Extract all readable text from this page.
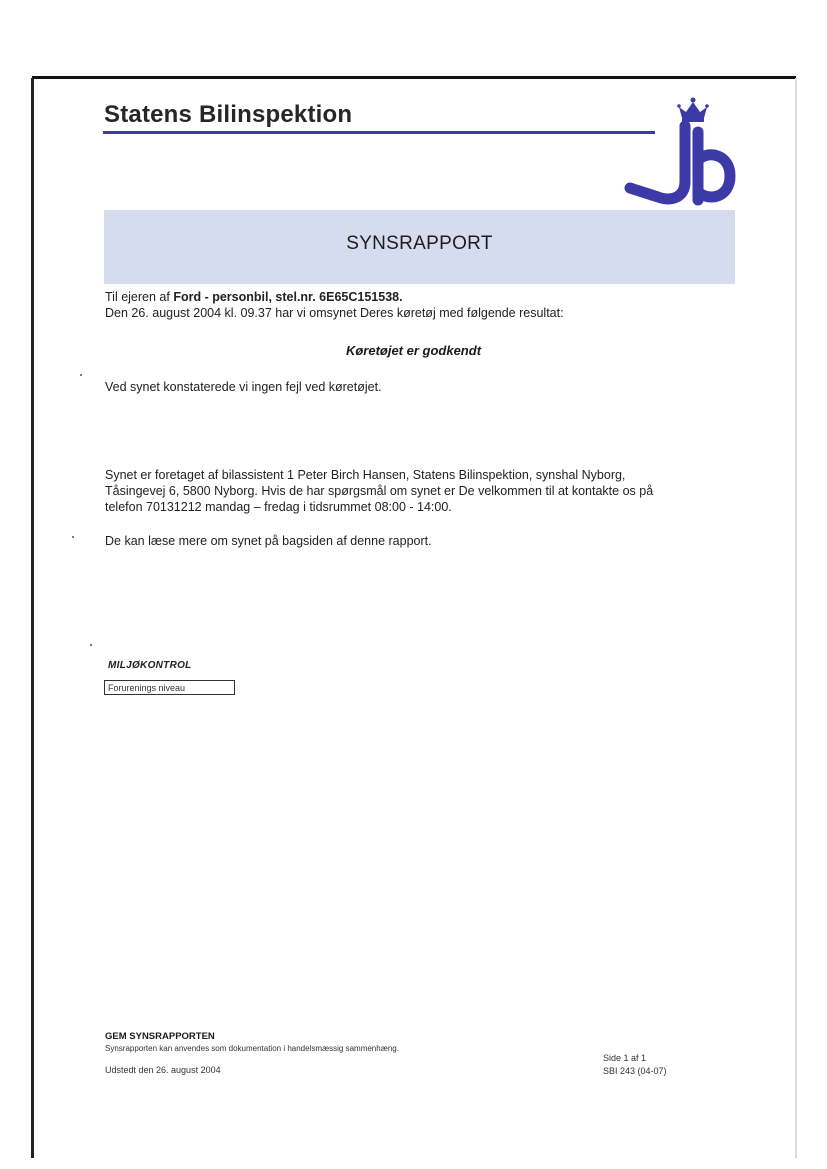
Statens Bilinspektion
SYNSRAPPORT
Til ejeren af Ford - personbil, stel.nr. 6E65C151538.
Den 26. august 2004 kl. 09.37 har vi omsynet Deres køretøj med følgende resultat:
Køretøjet er godkendt
Ved synet konstaterede vi ingen fejl ved køretøjet.
Synet er foretaget af bilassistent 1 Peter Birch Hansen, Statens Bilinspektion, synshal Nyborg,
Tåsingevej 6, 5800 Nyborg. Hvis de har spørgsmål om synet er De velkommen til at kontakte os på
telefon 70131212 mandag – fredag i tidsrummet 08:00 - 14:00.
De kan læse mere om synet på bagsiden af denne rapport.
MILJØKONTROL
Forurenings niveau
GEM SYNSRAPPORTEN
Synsrapporten kan anvendes som dokumentation i handelsmæssig sammenhæng.
Udstedt den 26. august 2004
Side 1 af 1
SBI 243 (04-07)
